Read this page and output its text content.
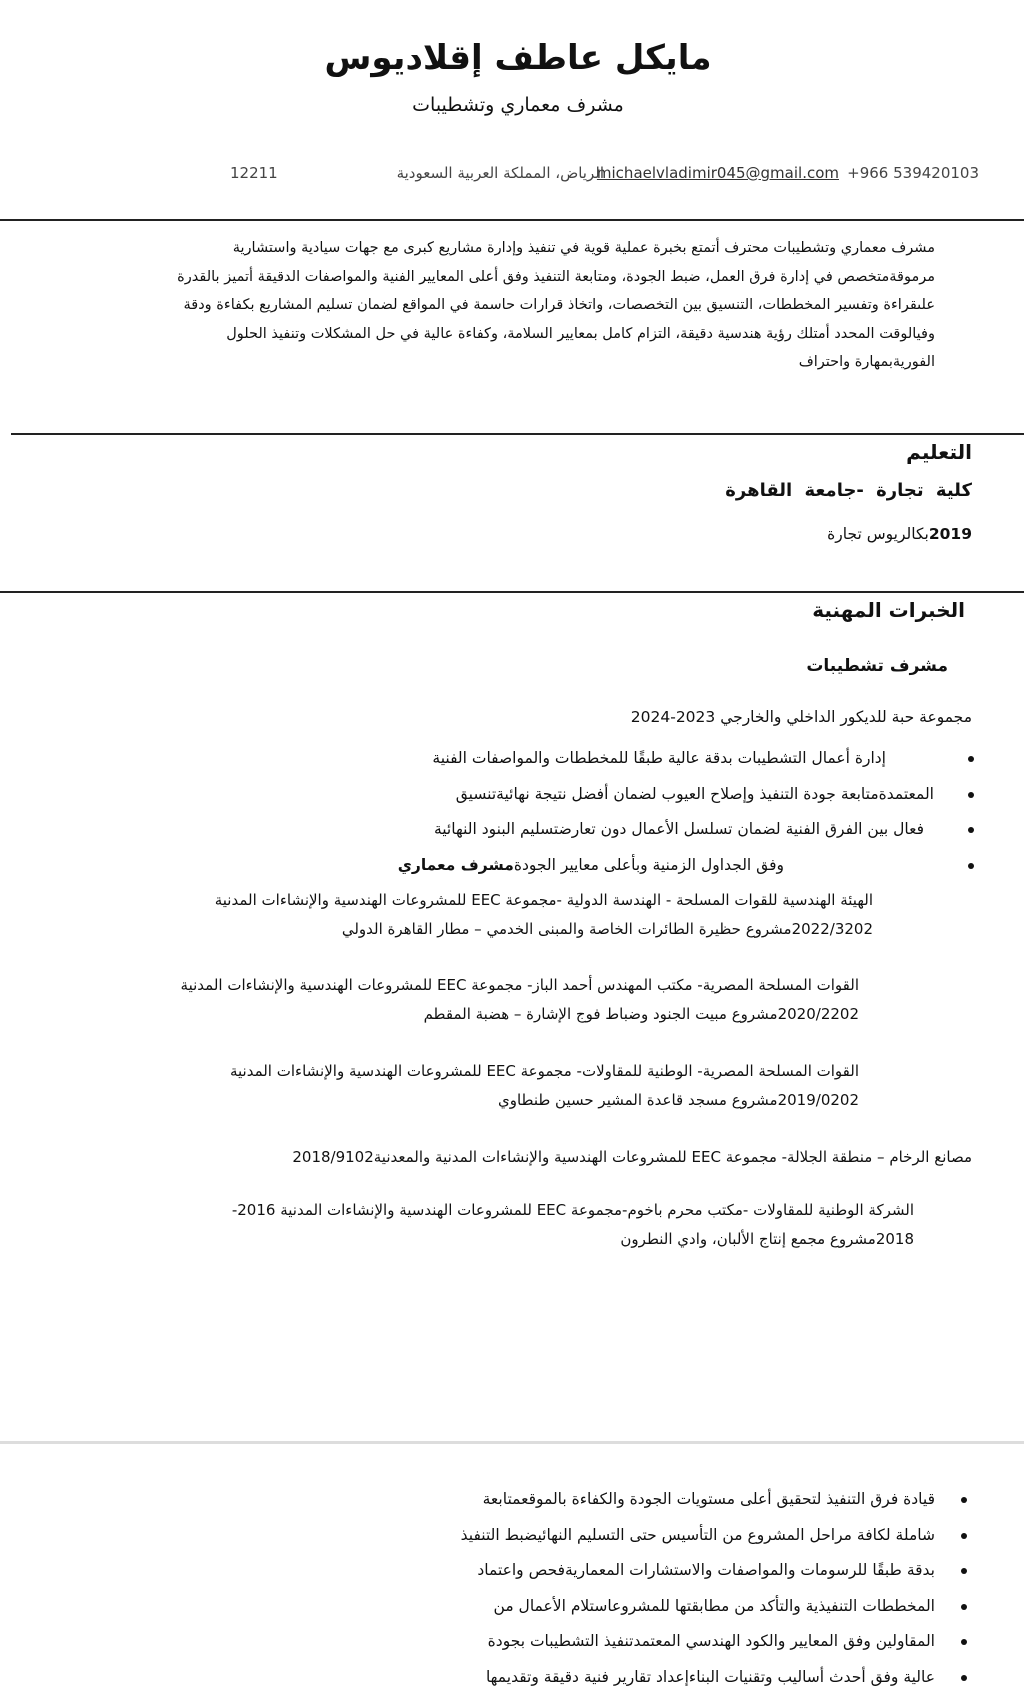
مايكل عاطف إقلاديوس
مشرف معماري وتشطيبات
+966 539420103
michaelvladimir045@gmail.com
الرياض، المملكة العربية السعودية
12211
مشرف معماري وتشطيبات محترف أتمتع بخبرة عملية قوية في تنفيذ وإدارة مشاريع كبرى مع جهات سيادية واستشارية
مرموقةمتخصص في إدارة فرق العمل، ضبط الجودة، ومتابعة التنفيذ وفق أعلى المعايير الفنية والمواصفات الدقيقة أتميز بالقدرة
علىقراءة وتفسير المخططات، التنسيق بين التخصصات، واتخاذ قرارات حاسمة في المواقع لضمان تسليم المشاريع بكفاءة ودقة
وفيالوقت المحدد أمتلك رؤية هندسية دقيقة، التزام كامل بمعايير السلامة، وكفاءة عالية في حل المشكلات وتنفيذ الحلول
الفوريةبمهارة واحتراف
التعليم
كلية تجارة -جامعة القاهرة
2019بكالريوس تجارة
الخبرات المهنية
مشرف تشطيبات
مجموعة حبة للديكور الداخلي والخارجي 2023-2024
إدارة أعمال التشطيبات بدقة عالية طبقًا للمخططات والمواصفات الفنية
المعتمدةمتابعة جودة التنفيذ وإصلاح العيوب لضمان أفضل نتيجة نهائيةتنسيق
فعال بين الفرق الفنية لضمان تسلسل الأعمال دون تعارضتسليم البنود النهائية
وفق الجداول الزمنية وبأعلى معايير الجودةمشرف معماري
الهيئة الهندسية للقوات المسلحة - الهندسة الدولية -مجموعة EEC للمشروعات الهندسية والإنشاءات المدنية
2022/3202مشروع حظيرة الطائرات الخاصة والمبنى الخدمي – مطار القاهرة الدولي
القوات المسلحة المصرية- مكتب المهندس أحمد الباز- مجموعة EEC للمشروعات الهندسية والإنشاءات المدنية
2020/2202مشروع مبيت الجنود وضباط فوج الإشارة – هضبة المقطم
القوات المسلحة المصرية- الوطنية للمقاولات- مجموعة EEC للمشروعات الهندسية والإنشاءات المدنية
2019/0202مشروع مسجد قاعدة المشير حسين طنطاوي
مصانع الرخام – منطقة الجلالة- مجموعة EEC للمشروعات الهندسية والإنشاءات المدنية والمعدنية2018/9102
الشركة الوطنية للمقاولات -مكتب محرم باخوم-مجموعة EEC للمشروعات الهندسية والإنشاءات المدنية 2016-
2018مشروع مجمع إنتاج الألبان، وادي النطرون
قيادة فرق التنفيذ لتحقيق أعلى مستويات الجودة والكفاءة بالموقعمتابعة
شاملة لكافة مراحل المشروع من التأسيس حتى التسليم النهائيضبط التنفيذ
بدقة طبقًا للرسومات والمواصفات والاستشارات المعماريةفحص واعتماد
المخططات التنفيذية والتأكد من مطابقتها للمشروعاستلام الأعمال من
المقاولين وفق المعايير والكود الهندسي المعتمدتنفيذ التشطيبات بجودة
عالية وفق أحدث أساليب وتقنيات البناءإعداد تقارير فنية دقيقة وتقديمها
